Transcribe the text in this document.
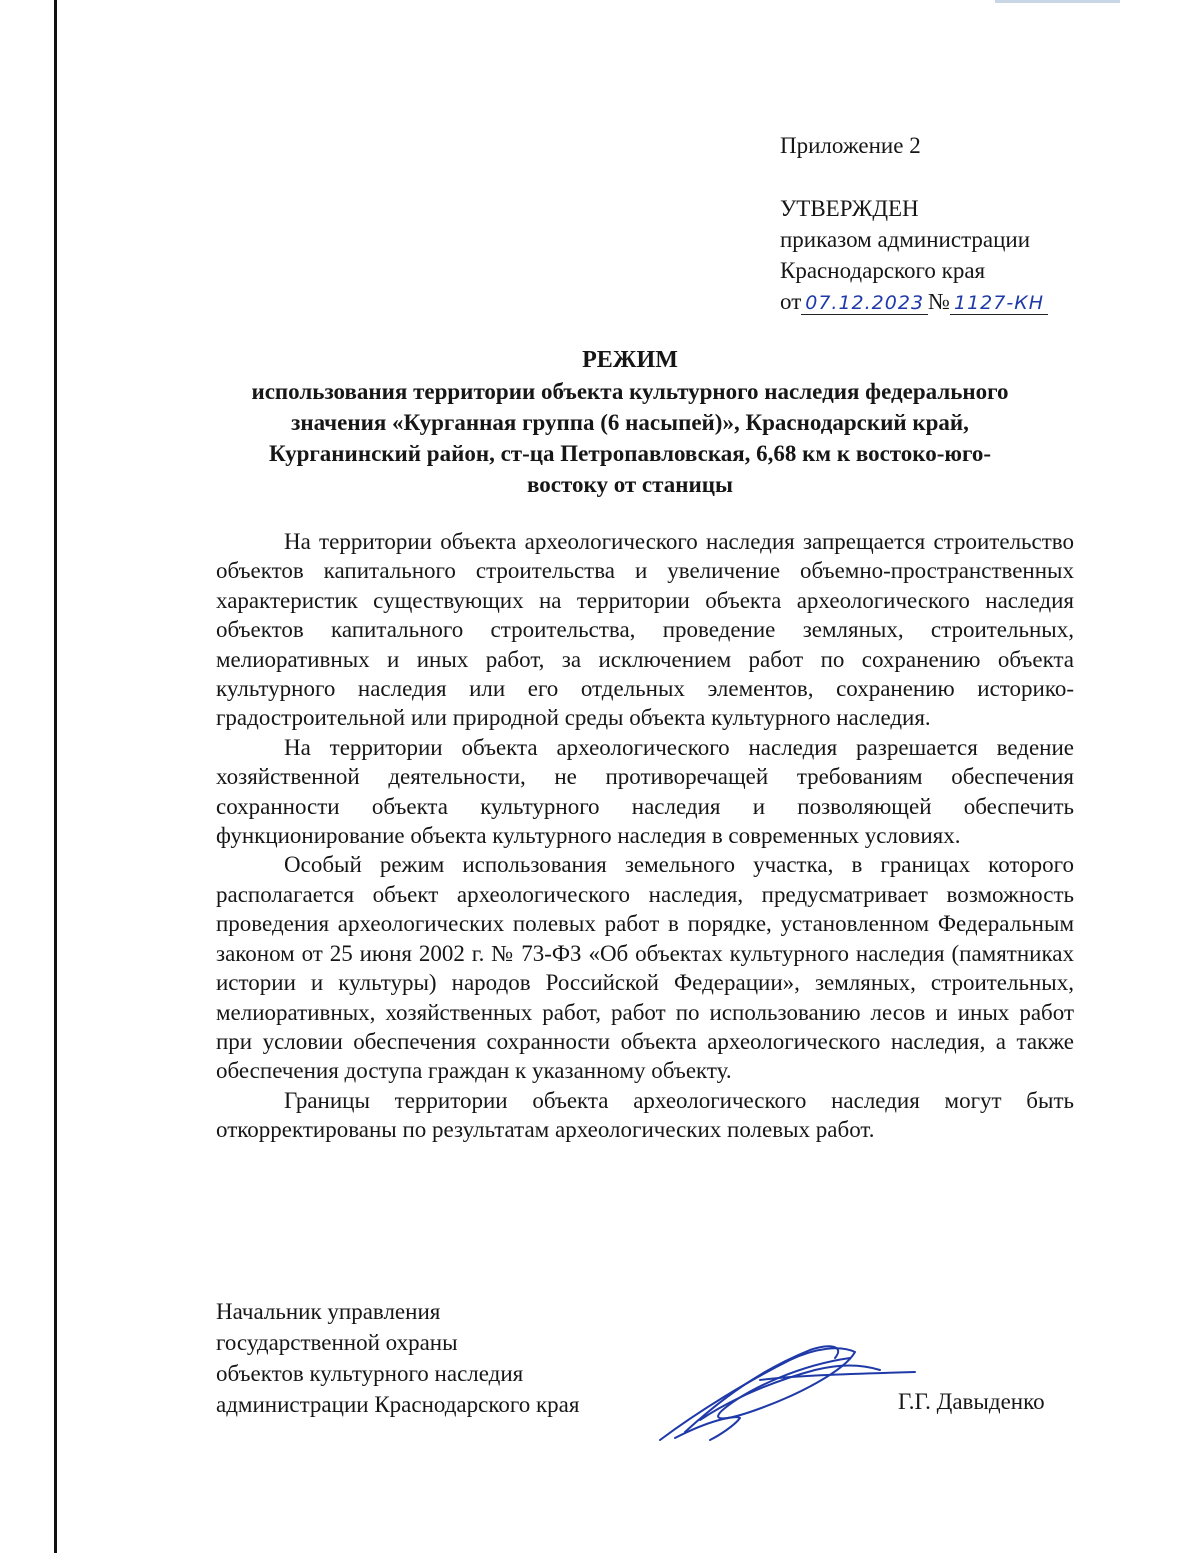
Приложение 2
УТВЕРЖДЕН
приказом администрации
Краснодарского края
от 07.12.2023 № 1127-КН
РЕЖИМ
использования территории объекта культурного наследия федерального
значения «Курганная группа (6 насыпей)», Краснодарский край,
Курганинский район, ст-ца Петропавловская, 6,68 км к востоко-юго-
востоку от станицы

На территории объекта археологического наследия запрещается строительство объектов капитального строительства и увеличение объемно-пространственных характеристик существующих на территории объекта археологического наследия объектов капитального строительства, проведение земляных, строительных, мелиоративных и иных работ, за исключением работ по сохранению объекта культурного наследия или его отдельных элементов, сохранению историко-градостроительной или природной среды объекта культурного наследия.

На территории объекта археологического наследия разрешается ведение хозяйственной деятельности, не противоречащей требованиям обеспечения сохранности объекта культурного наследия и позволяющей обеспечить функционирование объекта культурного наследия в современных условиях.

Особый режим использования земельного участка, в границах которого располагается объект археологического наследия, предусматривает возможность проведения археологических полевых работ в порядке, установленном Федеральным законом от 25 июня 2002 г. № 73-ФЗ «Об объектах культурного наследия (памятниках истории и культуры) народов Российской Федерации», земляных, строительных, мелиоративных, хозяйственных работ, работ по использованию лесов и иных работ при условии обеспечения сохранности объекта археологического наследия, а также обеспечения доступа граждан к указанному объекту.

Границы территории объекта археологического наследия могут быть откорректированы по результатам археологических полевых работ.

Начальник управления
государственной охраны
объектов культурного наследия
администрации Краснодарского края	Г.Г. Давыденко
